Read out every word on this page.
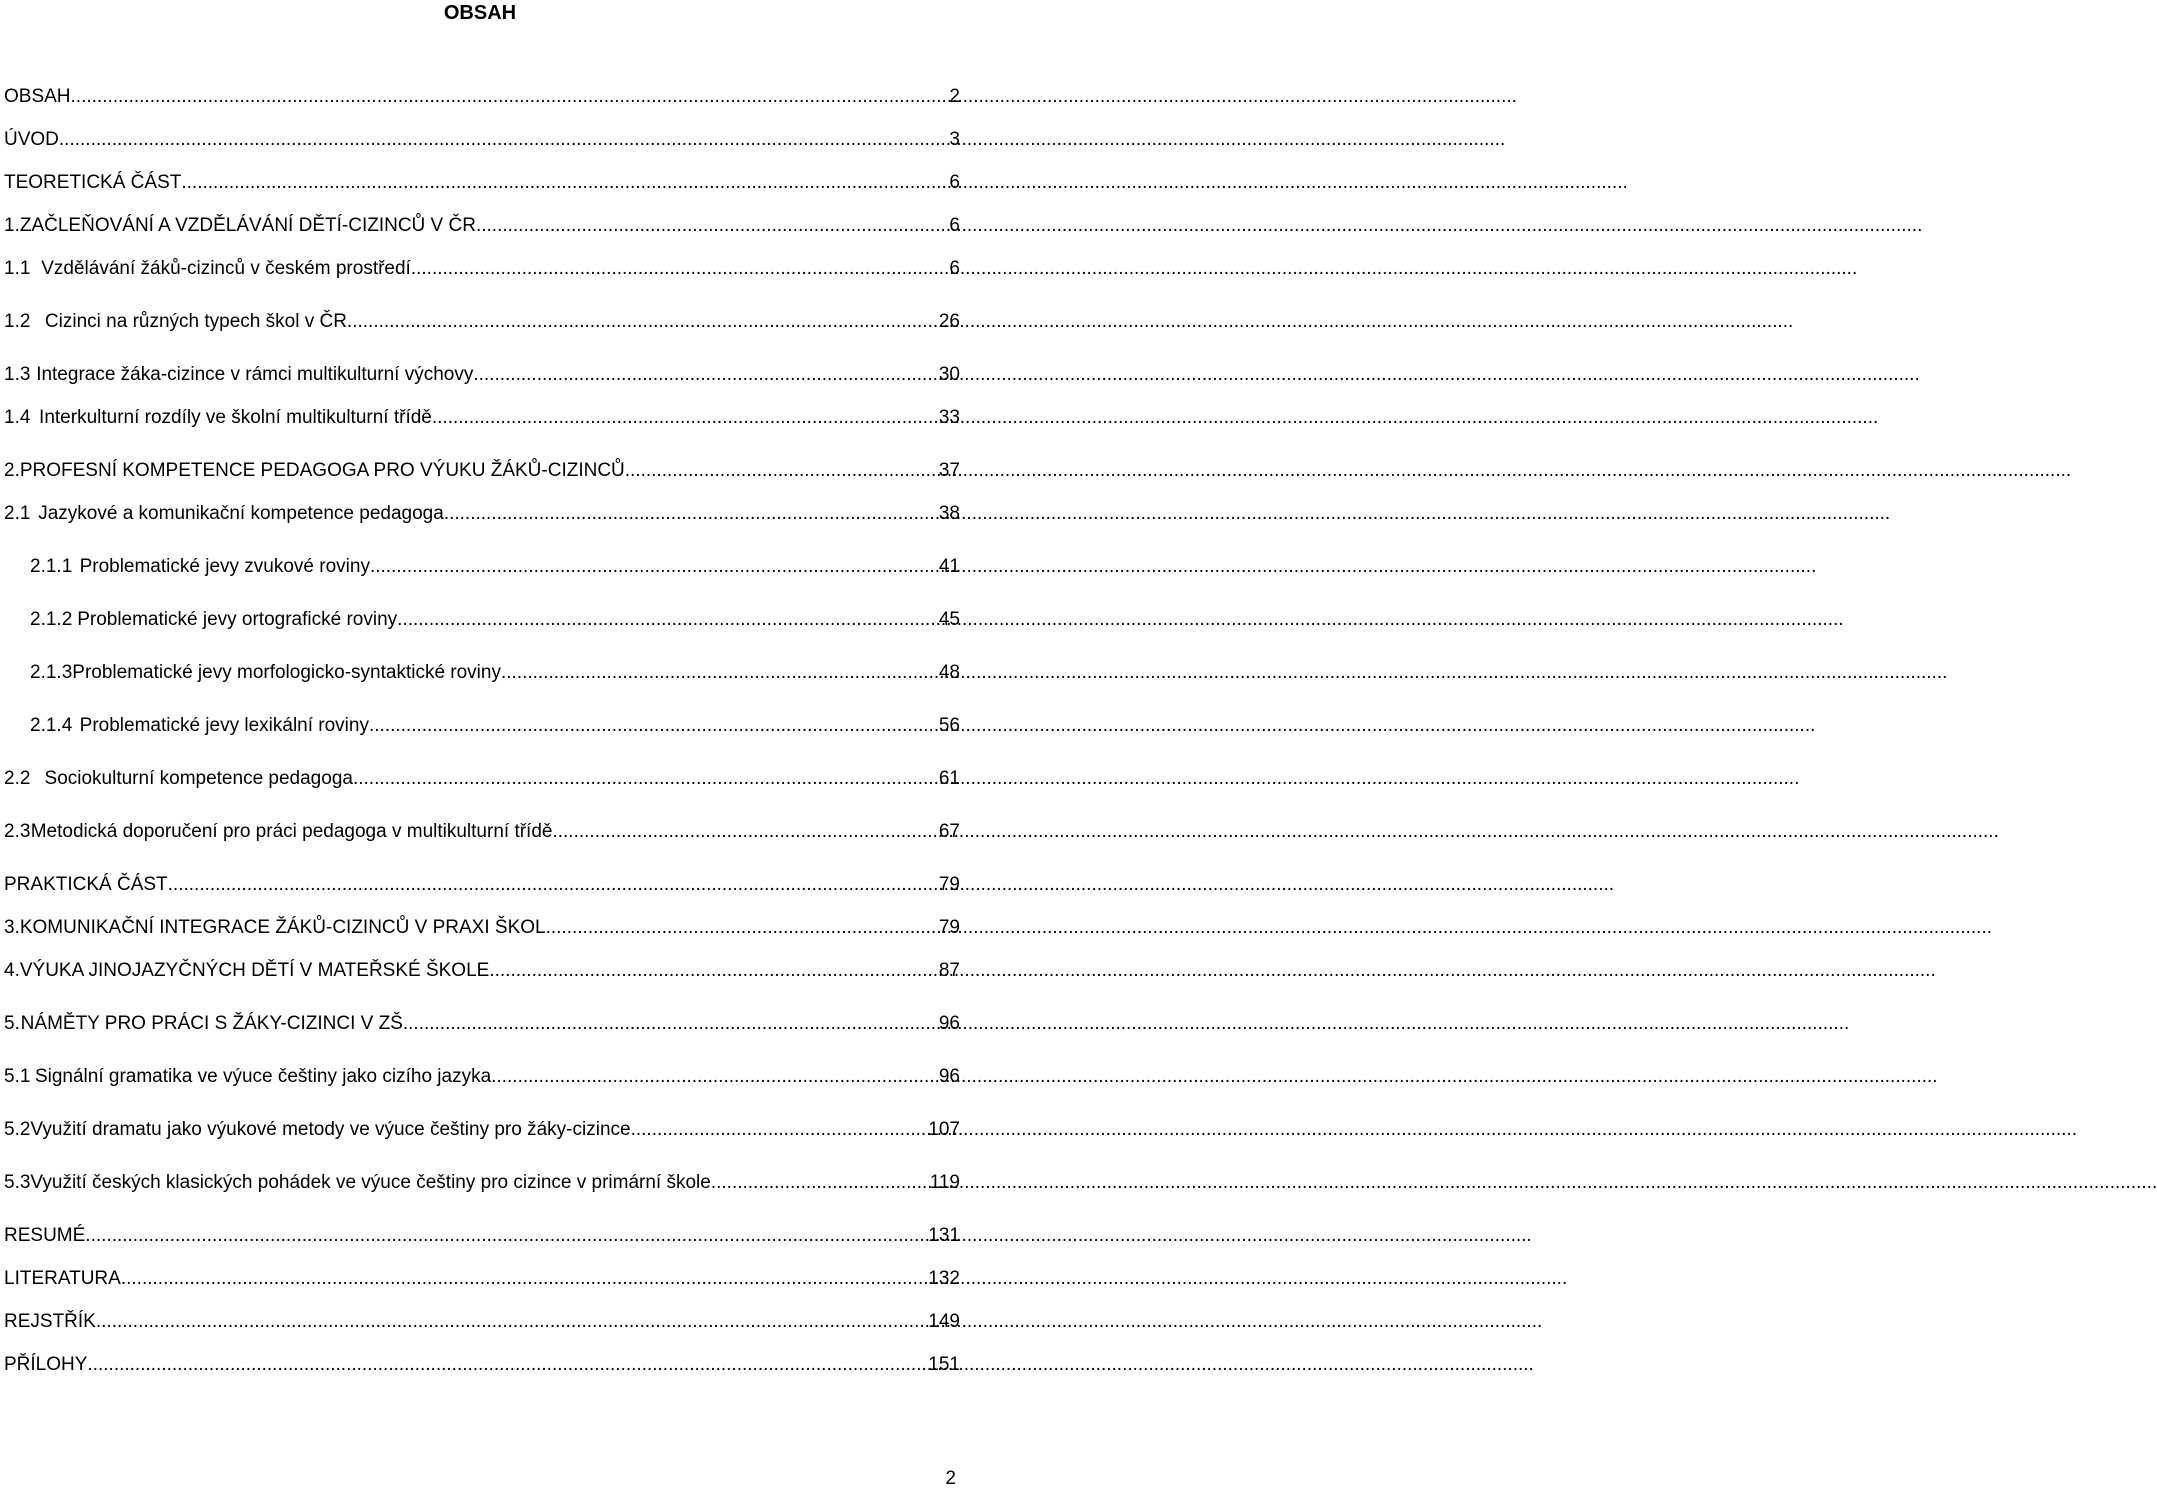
OBSAH
OBSAH .....	2
ÚVOD .....	3
TEORETICKÁ ČÁST .....	6
1. ZAČLEŇOVÁNÍ A VZDĚLÁVÁNÍ DĚTÍ-CIZINCŮ V ČR .....	6
1.1 Vzdělávání žáků-cizinců v českém prostředí .....	6
1.2 Cizinci na různých typech škol v ČR .....	26
1.3 Integrace žáka-cizince v rámci multikulturní výchovy .....	30
1.4 Interkulturní rozdíly ve školní multikulturní třídě .....	33
2. PROFESNÍ KOMPETENCE PEDAGOGA PRO VÝUKU ŽÁKŮ-CIZINCŮ .....	37
2.1 Jazykové a komunikační kompetence pedagoga .....	38
2.1.1 Problematické jevy zvukové roviny .....	41
2.1.2 Problematické jevy ortografické roviny .....	45
2.1.3 Problematické jevy morfologicko-syntaktické roviny .....	48
2.1.4 Problematické jevy lexikální roviny .....	56
2.2 Sociokulturní kompetence pedagoga .....	61
2.3 Metodická doporučení pro práci pedagoga v multikulturní třídě .....	67
PRAKTICKÁ ČÁST .....	79
3. KOMUNIKAČNÍ INTEGRACE ŽÁKŮ-CIZINCŮ V PRAXI ŠKOL .....	79
4. VÝUKA JINOJAZYČNÝCH DĚTÍ V MATEŘSKÉ ŠKOLE .....	87
5. NÁMĚTY PRO PRÁCI S ŽÁKY-CIZINCI V ZŠ .....	96
5.1 Signální gramatika ve výuce češtiny jako cizího jazyka .....	96
5.2 Využití dramatu jako výukové metody ve výuce češtiny pro žáky-cizince .....	107
5.3 Využití českých klasických pohádek ve výuce češtiny pro cizince v primární škole .....	119
RESUMÉ .....	131
LITERATURA .....	132
REJSTŘÍK .....	149
PŘÍLOHY .....	151
2
